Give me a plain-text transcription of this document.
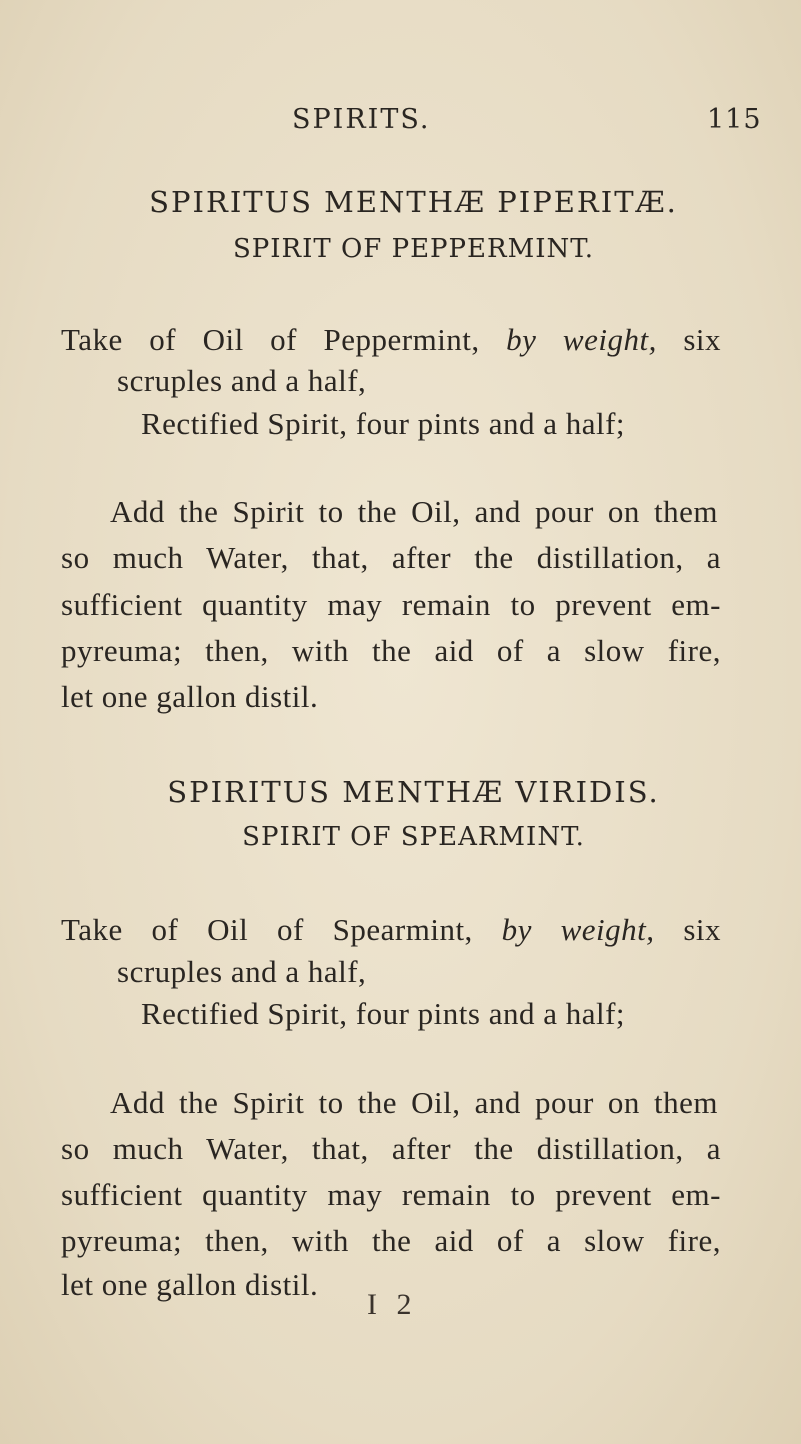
SPIRITS.	115
SPIRITUS MENTHÆ PIPERITÆ.
SPIRIT OF PEPPERMINT.
Take of Oil of Peppermint, by weight, six
scruples and a half,
Rectified Spirit, four pints and a half;
Add the Spirit to the Oil, and pour on them
so much Water, that, after the distillation, a
sufficient quantity may remain to prevent em-
pyreuma; then, with the aid of a slow fire,
let one gallon distil.
SPIRITUS MENTHÆ VIRIDIS.
SPIRIT OF SPEARMINT.
Take of Oil of Spearmint, by weight, six
scruples and a half,
Rectified Spirit, four pints and a half;
Add the Spirit to the Oil, and pour on them
so much Water, that, after the distillation, a
sufficient quantity may remain to prevent em-
pyreuma; then, with the aid of a slow fire,
let one gallon distil.
I 2
